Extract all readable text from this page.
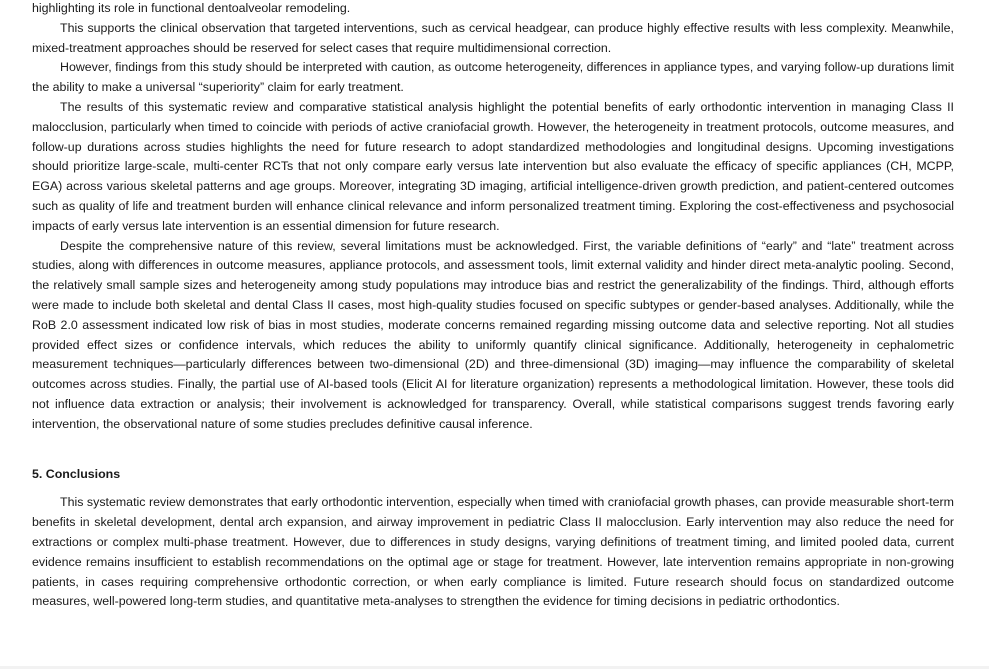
highlighting its role in functional dentoalveolar remodeling.

This supports the clinical observation that targeted interventions, such as cervical headgear, can produce highly effective results with less complexity. Meanwhile, mixed-treatment approaches should be reserved for select cases that require multidimensional correction.

However, findings from this study should be interpreted with caution, as outcome heterogeneity, differences in appliance types, and varying follow-up durations limit the ability to make a universal “superiority” claim for early treatment.

The results of this systematic review and comparative statistical analysis highlight the potential benefits of early orthodontic intervention in managing Class II malocclusion, particularly when timed to coincide with periods of active craniofacial growth. However, the heterogeneity in treatment protocols, outcome measures, and follow-up durations across studies highlights the need for future research to adopt standardized methodologies and longitudinal designs. Upcoming investigations should prioritize large-scale, multi-center RCTs that not only compare early versus late intervention but also evaluate the efficacy of specific appliances (CH, MCPP, EGA) across various skeletal patterns and age groups. Moreover, integrating 3D imaging, artificial intelligence-driven growth prediction, and patient-centered outcomes such as quality of life and treatment burden will enhance clinical relevance and inform personalized treatment timing. Exploring the cost-effectiveness and psychosocial impacts of early versus late intervention is an essential dimension for future research.

Despite the comprehensive nature of this review, several limitations must be acknowledged. First, the variable definitions of “early” and “late” treatment across studies, along with differences in outcome measures, appliance protocols, and assessment tools, limit external validity and hinder direct meta-analytic pooling. Second, the relatively small sample sizes and heterogeneity among study populations may introduce bias and restrict the generalizability of the findings. Third, although efforts were made to include both skeletal and dental Class II cases, most high-quality studies focused on specific subtypes or gender-based analyses. Additionally, while the RoB 2.0 assessment indicated low risk of bias in most studies, moderate concerns remained regarding missing outcome data and selective reporting. Not all studies provided effect sizes or confidence intervals, which reduces the ability to uniformly quantify clinical significance. Additionally, heterogeneity in cephalometric measurement techniques—particularly differences between two-dimensional (2D) and three-dimensional (3D) imaging—may influence the comparability of skeletal outcomes across studies. Finally, the partial use of AI-based tools (Elicit AI for literature organization) represents a methodological limitation. However, these tools did not influence data extraction or analysis; their involvement is acknowledged for transparency. Overall, while statistical comparisons suggest trends favoring early intervention, the observational nature of some studies precludes definitive causal inference.

5. Conclusions

This systematic review demonstrates that early orthodontic intervention, especially when timed with craniofacial growth phases, can provide measurable short-term benefits in skeletal development, dental arch expansion, and airway improvement in pediatric Class II malocclusion. Early intervention may also reduce the need for extractions or complex multi-phase treatment. However, due to differences in study designs, varying definitions of treatment timing, and limited pooled data, current evidence remains insufficient to establish recommendations on the optimal age or stage for treatment. However, late intervention remains appropriate in non-growing patients, in cases requiring comprehensive orthodontic correction, or when early compliance is limited. Future research should focus on standardized outcome measures, well-powered long-term studies, and quantitative meta-analyses to strengthen the evidence for timing decisions in pediatric orthodontics.
